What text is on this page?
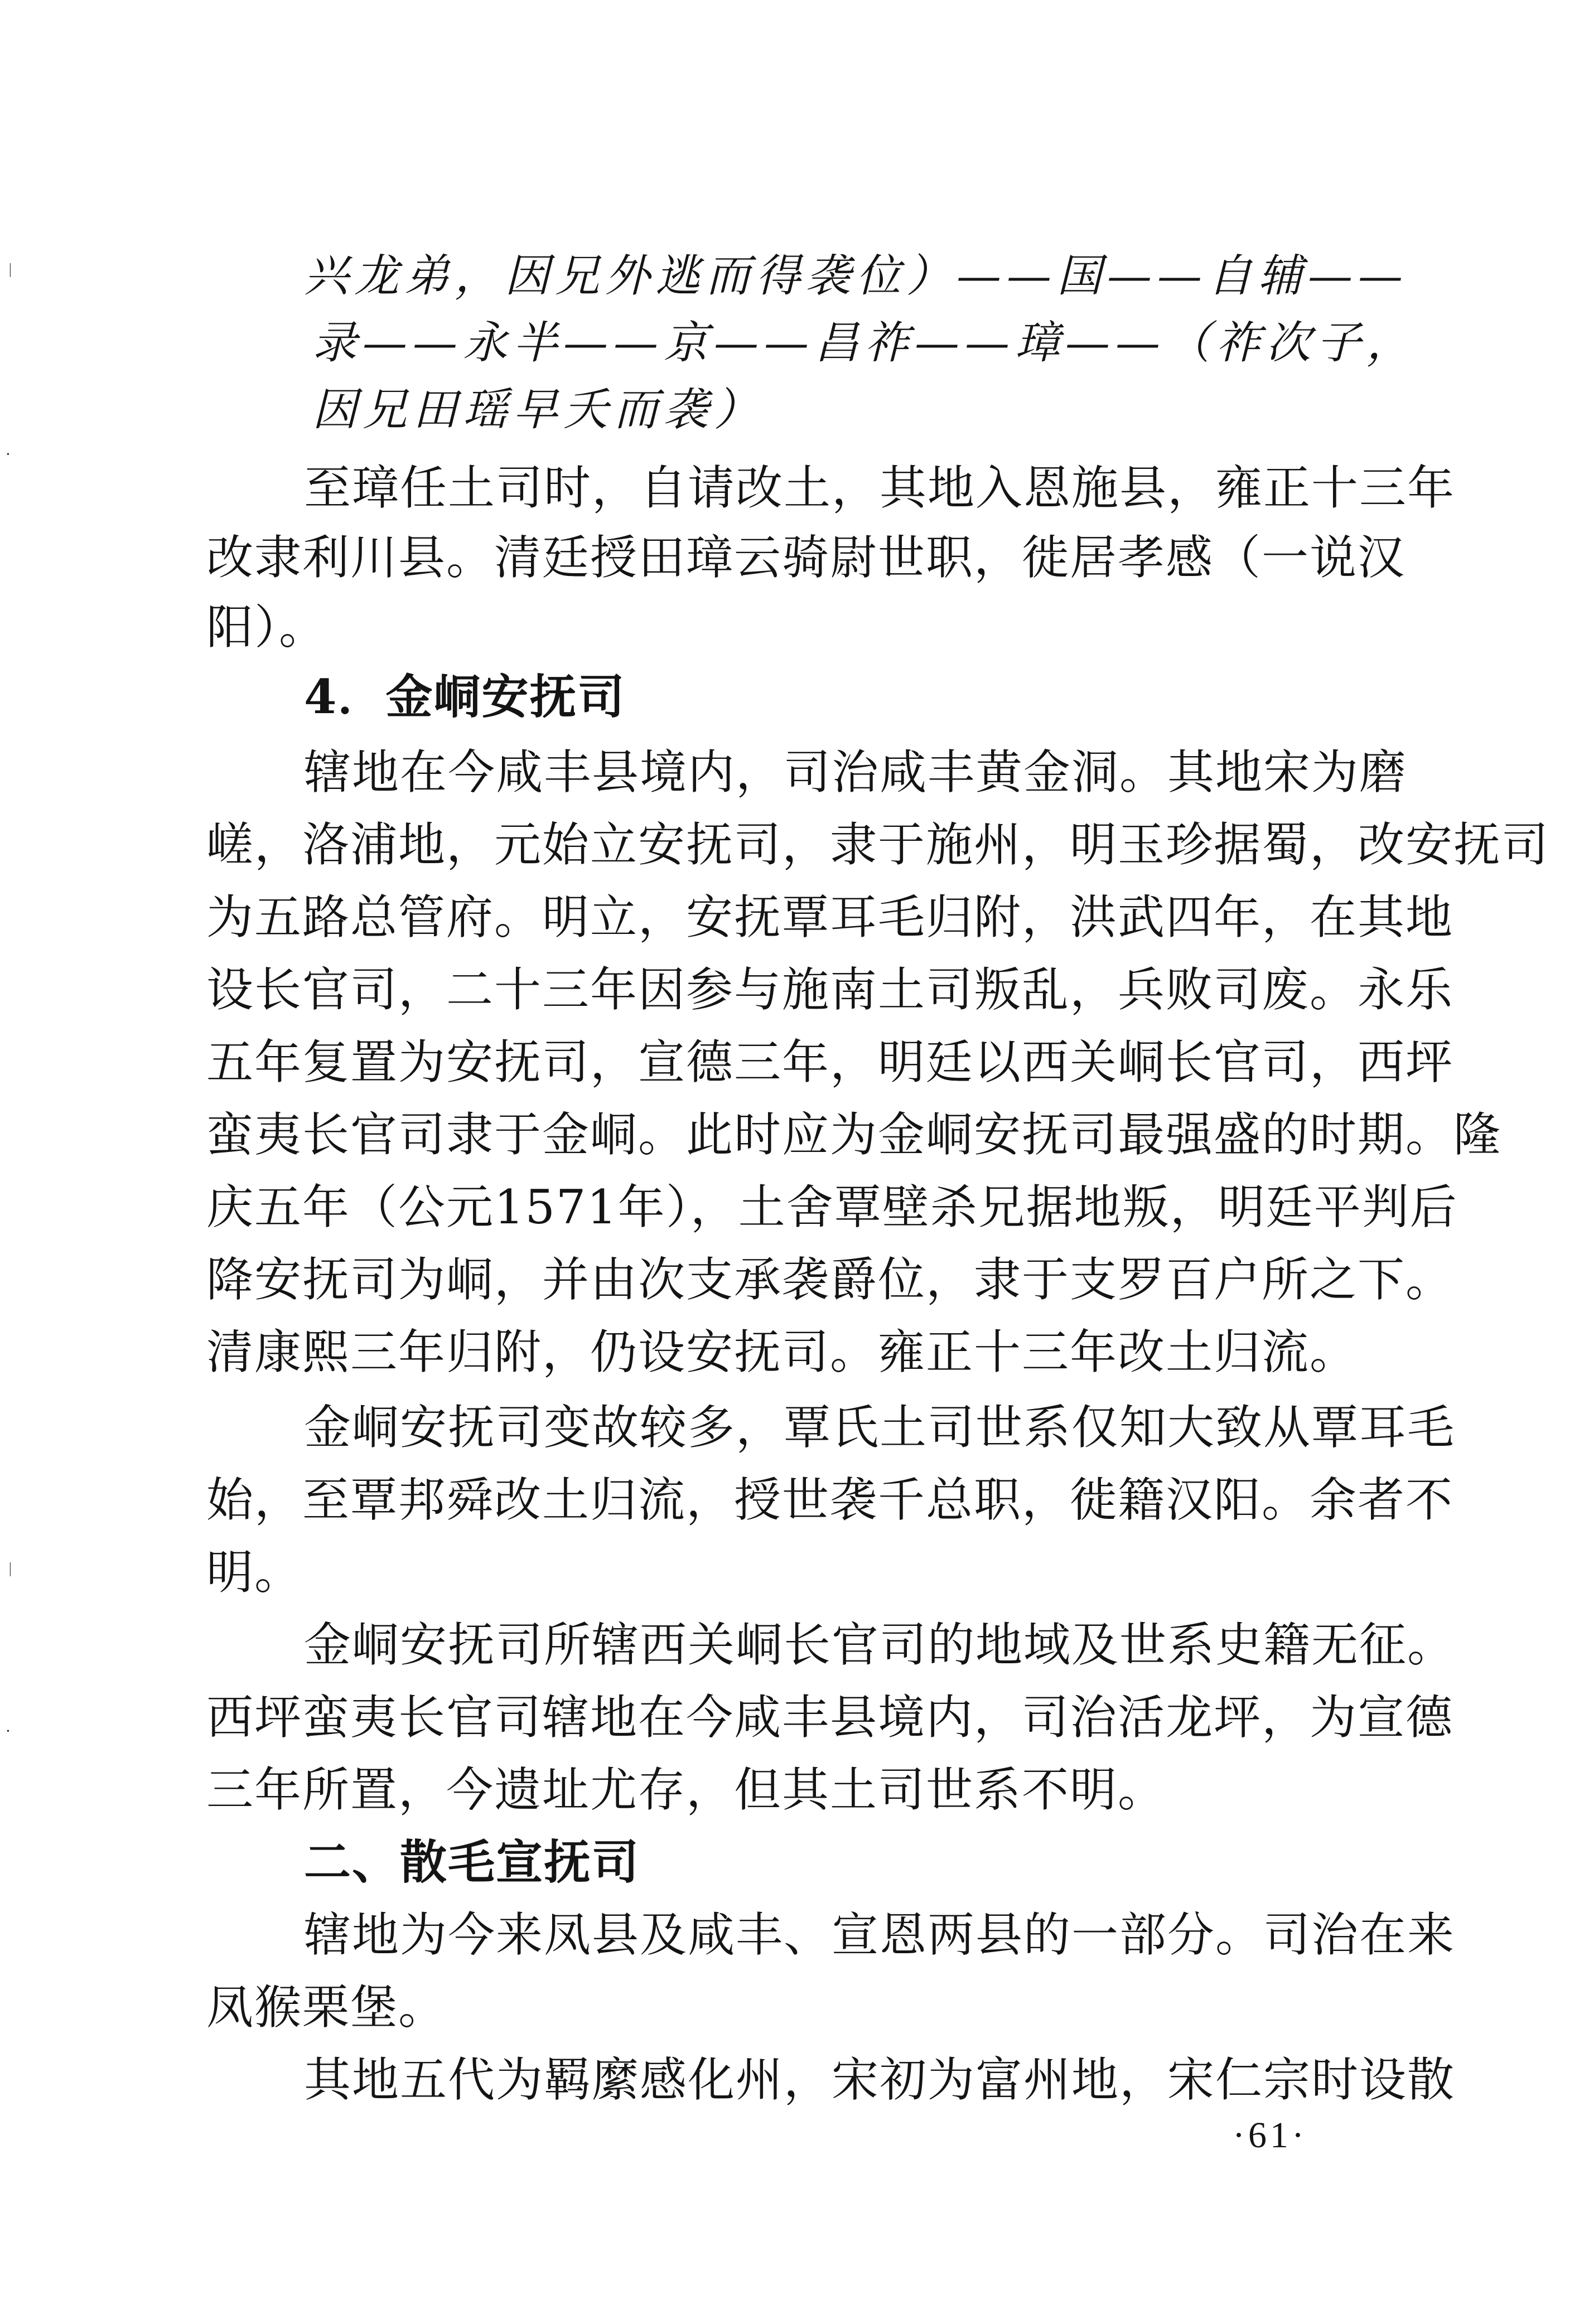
ᛁ
·
ᛁ
·
兴龙弟，因兄外逃而得袭位）——国——自辅——
录——永半——京——昌祚——璋——（祚次子，
因兄田瑶早夭而袭）
至璋任土司时，自请改土，其地入恩施县，雍正十三年
改隶利川县。清廷授田璋云骑尉世职，徙居孝感（一说汉
阳）。
4．金峒安抚司
辖地在今咸丰县境内，司治咸丰黄金洞。其地宋为磨
嵯，洛浦地，元始立安抚司，隶于施州，明玉珍据蜀，改安抚司
为五路总管府。明立，安抚覃耳毛归附，洪武四年，在其地
设长官司，二十三年因参与施南土司叛乱，兵败司废。永乐
五年复置为安抚司，宣德三年，明廷以西关峒长官司，西坪
蛮夷长官司隶于金峒。此时应为金峒安抚司最强盛的时期。隆
庆五年（公元1571年），土舍覃壁杀兄据地叛，明廷平判后
降安抚司为峒，并由次支承袭爵位，隶于支罗百户所之下。
清康熙三年归附，仍设安抚司。雍正十三年改土归流。
金峒安抚司变故较多，覃氏土司世系仅知大致从覃耳毛
始，至覃邦舜改土归流，授世袭千总职，徙籍汉阳。余者不
明。
金峒安抚司所辖西关峒长官司的地域及世系史籍无征。
西坪蛮夷长官司辖地在今咸丰县境内，司治活龙坪，为宣德
三年所置，今遗址尤存，但其土司世系不明。
二、散毛宣抚司
辖地为今来凤县及咸丰、宣恩两县的一部分。司治在来
凤猴栗堡。
其地五代为羁縻感化州，宋初为富州地，宋仁宗时设散
·61·
